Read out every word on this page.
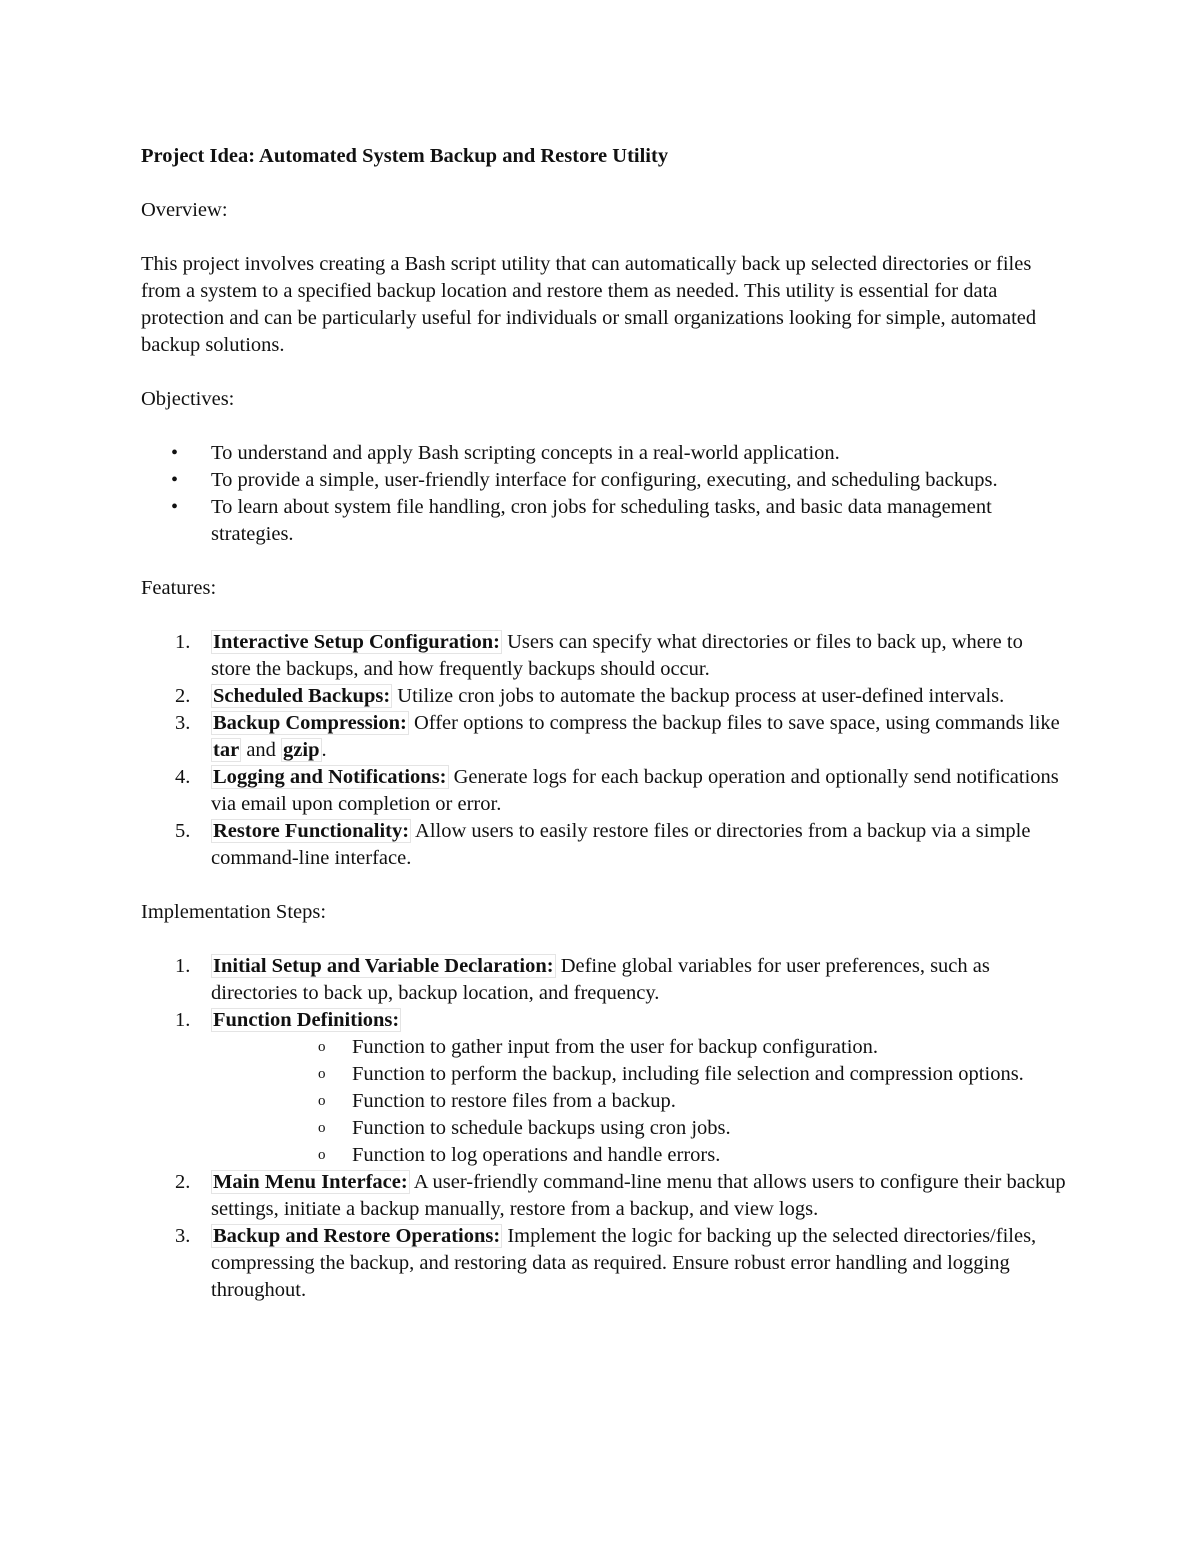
Project Idea: Automated System Backup and Restore Utility
Overview:

This project involves creating a Bash script utility that can automatically back up selected directories or files from a system to a specified backup location and restore them as needed. This utility is essential for data protection and can be particularly useful for individuals or small organizations looking for simple, automated backup solutions.

Objectives:
• To understand and apply Bash scripting concepts in a real-world application.
• To provide a simple, user-friendly interface for configuring, executing, and scheduling backups.
• To learn about system file handling, cron jobs for scheduling tasks, and basic data management strategies.
Features:
1. Interactive Setup Configuration: Users can specify what directories or files to back up, where to store the backups, and how frequently backups should occur.
2. Scheduled Backups: Utilize cron jobs to automate the backup process at user-defined intervals.
3. Backup Compression: Offer options to compress the backup files to save space, using commands like tar and gzip.
4. Logging and Notifications: Generate logs for each backup operation and optionally send notifications via email upon completion or error.
5. Restore Functionality: Allow users to easily restore files or directories from a backup via a simple command-line interface.
Implementation Steps:
1. Initial Setup and Variable Declaration: Define global variables for user preferences, such as directories to back up, backup location, and frequency.
1. Function Definitions:
o Function to gather input from the user for backup configuration.
o Function to perform the backup, including file selection and compression options.
o Function to restore files from a backup.
o Function to schedule backups using cron jobs.
o Function to log operations and handle errors.
2. Main Menu Interface: A user-friendly command-line menu that allows users to configure their backup settings, initiate a backup manually, restore from a backup, and view logs.
3. Backup and Restore Operations: Implement the logic for backing up the selected directories/files, compressing the backup, and restoring data as required. Ensure robust error handling and logging throughout.
